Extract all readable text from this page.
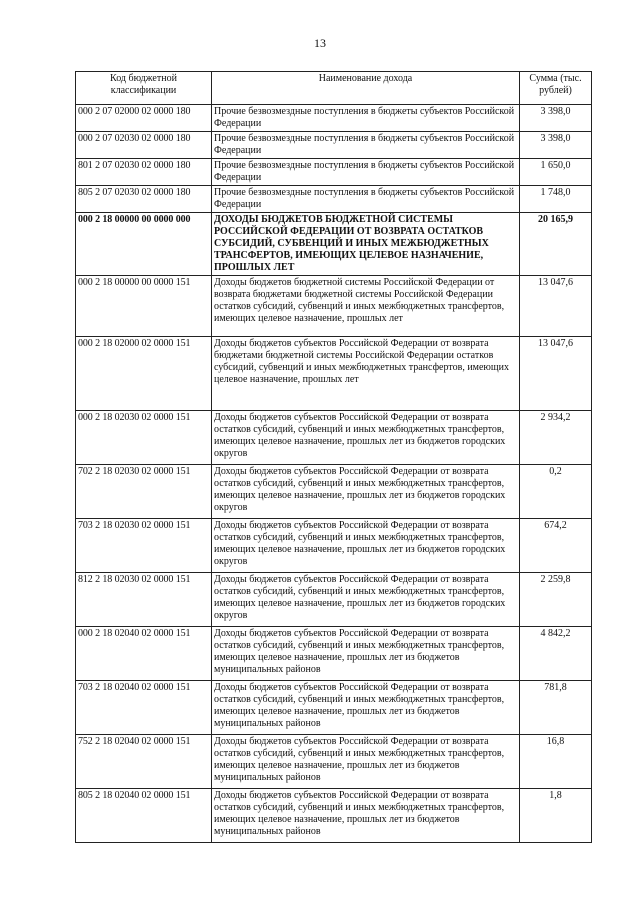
13
Код бюджетной классификации	Наименование дохода	Сумма (тыс. рублей)
000 2 07 02000 02 0000 180	Прочие безвозмездные поступления в бюджеты субъектов Российской Федерации	3 398,0
000 2 07 02030 02 0000 180	Прочие безвозмездные поступления в бюджеты субъектов Российской Федерации	3 398,0
801 2 07 02030 02 0000 180	Прочие безвозмездные поступления в бюджеты субъектов Российской Федерации	1 650,0
805 2 07 02030 02 0000 180	Прочие безвозмездные поступления в бюджеты субъектов Российской Федерации	1 748,0
000 2 18 00000 00 0000 000	ДОХОДЫ БЮДЖЕТОВ БЮДЖЕТНОЙ СИСТЕМЫ РОССИЙСКОЙ ФЕДЕРАЦИИ ОТ ВОЗВРАТА ОСТАТКОВ СУБСИДИЙ, СУБВЕНЦИЙ И ИНЫХ МЕЖБЮДЖЕТНЫХ ТРАНСФЕРТОВ, ИМЕЮЩИХ ЦЕЛЕВОЕ НАЗНАЧЕНИЕ, ПРОШЛЫХ ЛЕТ	20 165,9
000 2 18 00000 00 0000 151	Доходы бюджетов бюджетной системы Российской Федерации от возврата бюджетами бюджетной системы Российской Федерации остатков субсидий, субвенций и иных межбюджетных трансфертов, имеющих целевое назначение, прошлых лет	13 047,6
000 2 18 02000 02 0000 151	Доходы бюджетов субъектов Российской Федерации от возврата бюджетами бюджетной системы Российской Федерации остатков субсидий, субвенций и иных межбюджетных трансфертов, имеющих целевое назначение, прошлых лет	13 047,6
000 2 18 02030 02 0000 151	Доходы бюджетов субъектов Российской Федерации от возврата остатков субсидий, субвенций и иных межбюджетных трансфертов, имеющих целевое назначение, прошлых лет из бюджетов городских округов	2 934,2
702 2 18 02030 02 0000 151	Доходы бюджетов субъектов Российской Федерации от возврата остатков субсидий, субвенций и иных межбюджетных трансфертов, имеющих целевое назначение, прошлых лет из бюджетов городских округов	0,2
703 2 18 02030 02 0000 151	Доходы бюджетов субъектов Российской Федерации от возврата остатков субсидий, субвенций и иных межбюджетных трансфертов, имеющих целевое назначение, прошлых лет из бюджетов городских округов	674,2
812 2 18 02030 02 0000 151	Доходы бюджетов субъектов Российской Федерации от возврата остатков субсидий, субвенций и иных межбюджетных трансфертов, имеющих целевое назначение, прошлых лет из бюджетов городских округов	2 259,8
000 2 18 02040 02 0000 151	Доходы бюджетов субъектов Российской Федерации от возврата остатков субсидий, субвенций и иных межбюджетных трансфертов, имеющих целевое назначение, прошлых лет из бюджетов муниципальных районов	4 842,2
703 2 18 02040 02 0000 151	Доходы бюджетов субъектов Российской Федерации от возврата остатков субсидий, субвенций и иных межбюджетных трансфертов, имеющих целевое назначение, прошлых лет из бюджетов муниципальных районов	781,8
752 2 18 02040 02 0000 151	Доходы бюджетов субъектов Российской Федерации от возврата остатков субсидий, субвенций и иных межбюджетных трансфертов, имеющих целевое назначение, прошлых лет из бюджетов муниципальных районов	16,8
805 2 18 02040 02 0000 151	Доходы бюджетов субъектов Российской Федерации от возврата остатков субсидий, субвенций и иных межбюджетных трансфертов, имеющих целевое назначение, прошлых лет из бюджетов муниципальных районов	1,8
